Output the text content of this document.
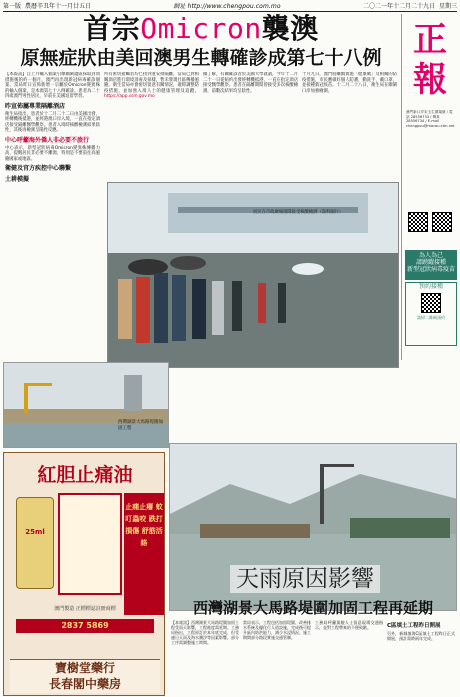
第一版 農曆辛丑年十一月廿五日	網址 http://www.chengpou.com.mo	二〇二一年十二月二十九日 星期三
首宗Omicron襲澳
原無症狀由美回澳男生轉確診成第七十八例
【本報訊】自上月輸入個案引爆關閘邊區採取封閉措施後的約一個月，澳門再出現新冠病毒確診個案，當局昨日宣佈新增一宗屬於Omicron變異株的輸入個案，是本澳第七十八例確診。患者為二十四歲澳門男性居民，早前在美國逗留學習。
昨宣佈屬專業隔離酒店
衛生局指出，患者於十二月二十二日由美國出發，經轉機後抵港，並經港澳口岸入境，一直在指定酒店接受隔離醫學觀察。患者入境時核酸檢測結果陰性，其後再檢測呈陽性反應。
中心呼籲海外僑人非必要不旅行
中心表示，新型冠狀病毒Omicron變異株傳播力高，提醒居民非必要不離澳，特別是不要前往高風險國家或地區。
衛健及官方疾控中心聯繫
土耕模擬
所有密切接觸者均已找到並安排隔離，當局已對相關酒店進行環境消毒及採樣，暫未發現社區傳播風險。衛生當局亦會密切留意有關情況，適時調整防疫措施，並加強入境人士的健康管理及追蹤。 https://app.ssm.gov.mo
據了解，有關確診者於美國大學就讀，今年十二月二十一日從紐約出發經轉機抵港，一直在指定酒店接受醫學觀察。患者在隔離期間曾接受多次核酸檢測，前數次結果均呈陰性。
十月九日，澳門將繼續實施「健康碼」及相關的防疫措施，市民應做好個人防護，勤洗手、戴口罩，並接種新冠疫苗。十二月二十八日，衛生局在關閘口岸加強檢測。
居民在市政廣場排隊接受核酸檢測（資料圖片）
正報
澳門新口岸宋玉生廣場號 / 電話 28556733 / 傳真 28556734 / E-mail chengpou@macau.ctm.net
為人為己
請踴躍接種
新型冠狀病毒疫苗
預約接種
請掃二維碼預約
西灣湖景大馬路堤圍加固工程
紅胆止痛油
25ml
止痛止癢 蚊叮蟲咬 跌打損傷 舒筋活絡
澳門製造 正標標誌註冊商標
2837 5869
寶樹堂藥行
長春閣中藥房
天雨原因影響
西灣湖景大馬路堤圍加固工程再延期
【本報訊】西灣湖景大馬路堤圍加固工程受雨天影響，工程進度需延期。工務局指出，工程原訂於本年底完成，但受連日天雨及海水潮汐等因素影響，部分工序需調整施工時間。
當局表示，工程包括加固堤圍、改善排水系統及優化行人道設施，完成後可提升區內防洪能力，減少水浸情況。施工期間部分路段實施交通管制。
工務局呼籲駕駛人士留意現場交通指示，並對工程帶來的不便致歉。	C區填土工程昨日開展
另外，新城填海C區填土工程昨日正式開展，預計需時兩年完成。
